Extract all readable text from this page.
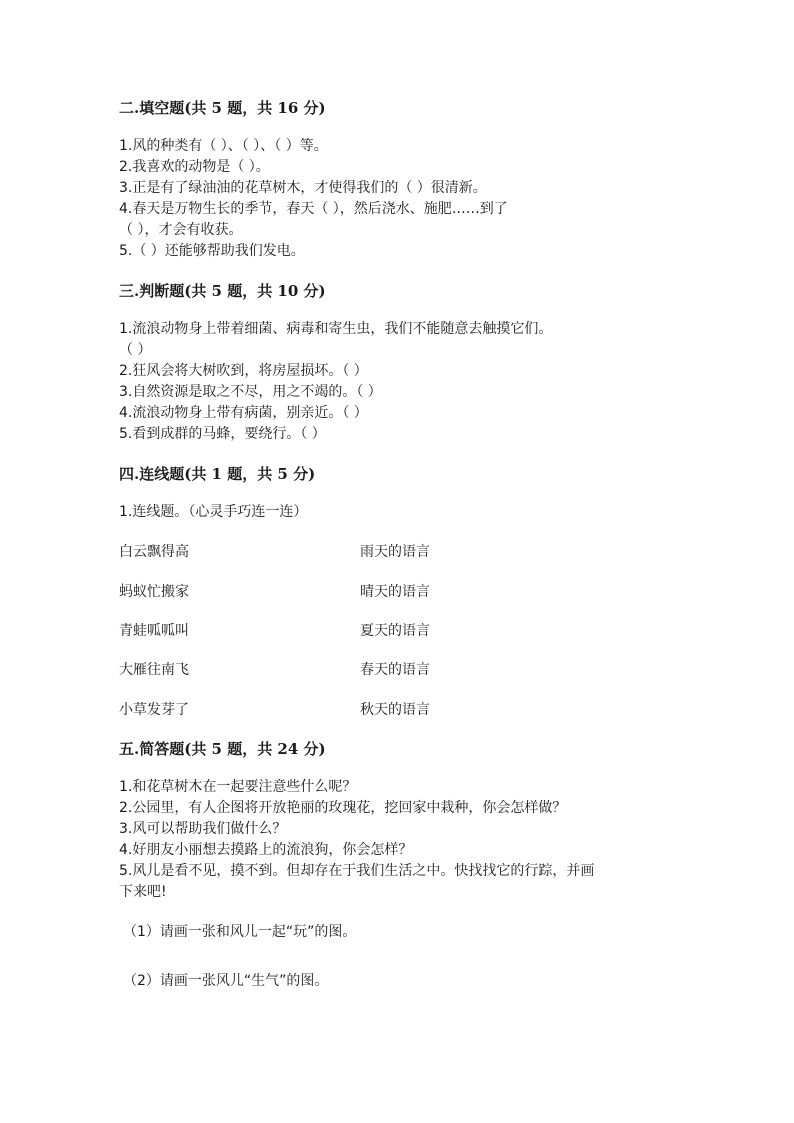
二.填空题(共 5 题，共 16 分)
1.风的种类有（ ）、（ ）、（ ）等。
2.我喜欢的动物是（ ）。
3.正是有了绿油油的花草树木，才使得我们的（ ）很清新。
4.春天是万物生长的季节，春天（ ），然后浇水、施肥……到了
（ ），才会有收获。
5.（ ）还能够帮助我们发电。
三.判断题(共 5 题，共 10 分)
1.流浪动物身上带着细菌、病毒和寄生虫，我们不能随意去触摸它们。
（ ）
2.狂风会将大树吹到，将房屋损坏。（ ）
3.自然资源是取之不尽，用之不竭的。（ ）
4.流浪动物身上带有病菌，别亲近。（ ）
5.看到成群的马蜂，要绕行。（ ）
四.连线题(共 1 题，共 5 分)
1.连线题。（心灵手巧连一连）
白云飘得高	雨天的语言
蚂蚁忙搬家	晴天的语言
青蛙呱呱叫	夏天的语言
大雁往南飞	春天的语言
小草发芽了	秋天的语言
五.简答题(共 5 题，共 24 分)
1.和花草树木在一起要注意些什么呢？
2.公园里，有人企图将开放艳丽的玫瑰花，挖回家中栽种，你会怎样做？
3.风可以帮助我们做什么？
4.好朋友小丽想去摸路上的流浪狗，你会怎样？
5.风儿是看不见，摸不到。但却存在于我们生活之中。快找找它的行踪，并画
下来吧!
（1）请画一张和风儿一起“玩”的图。
（2）请画一张风儿“生气”的图。
